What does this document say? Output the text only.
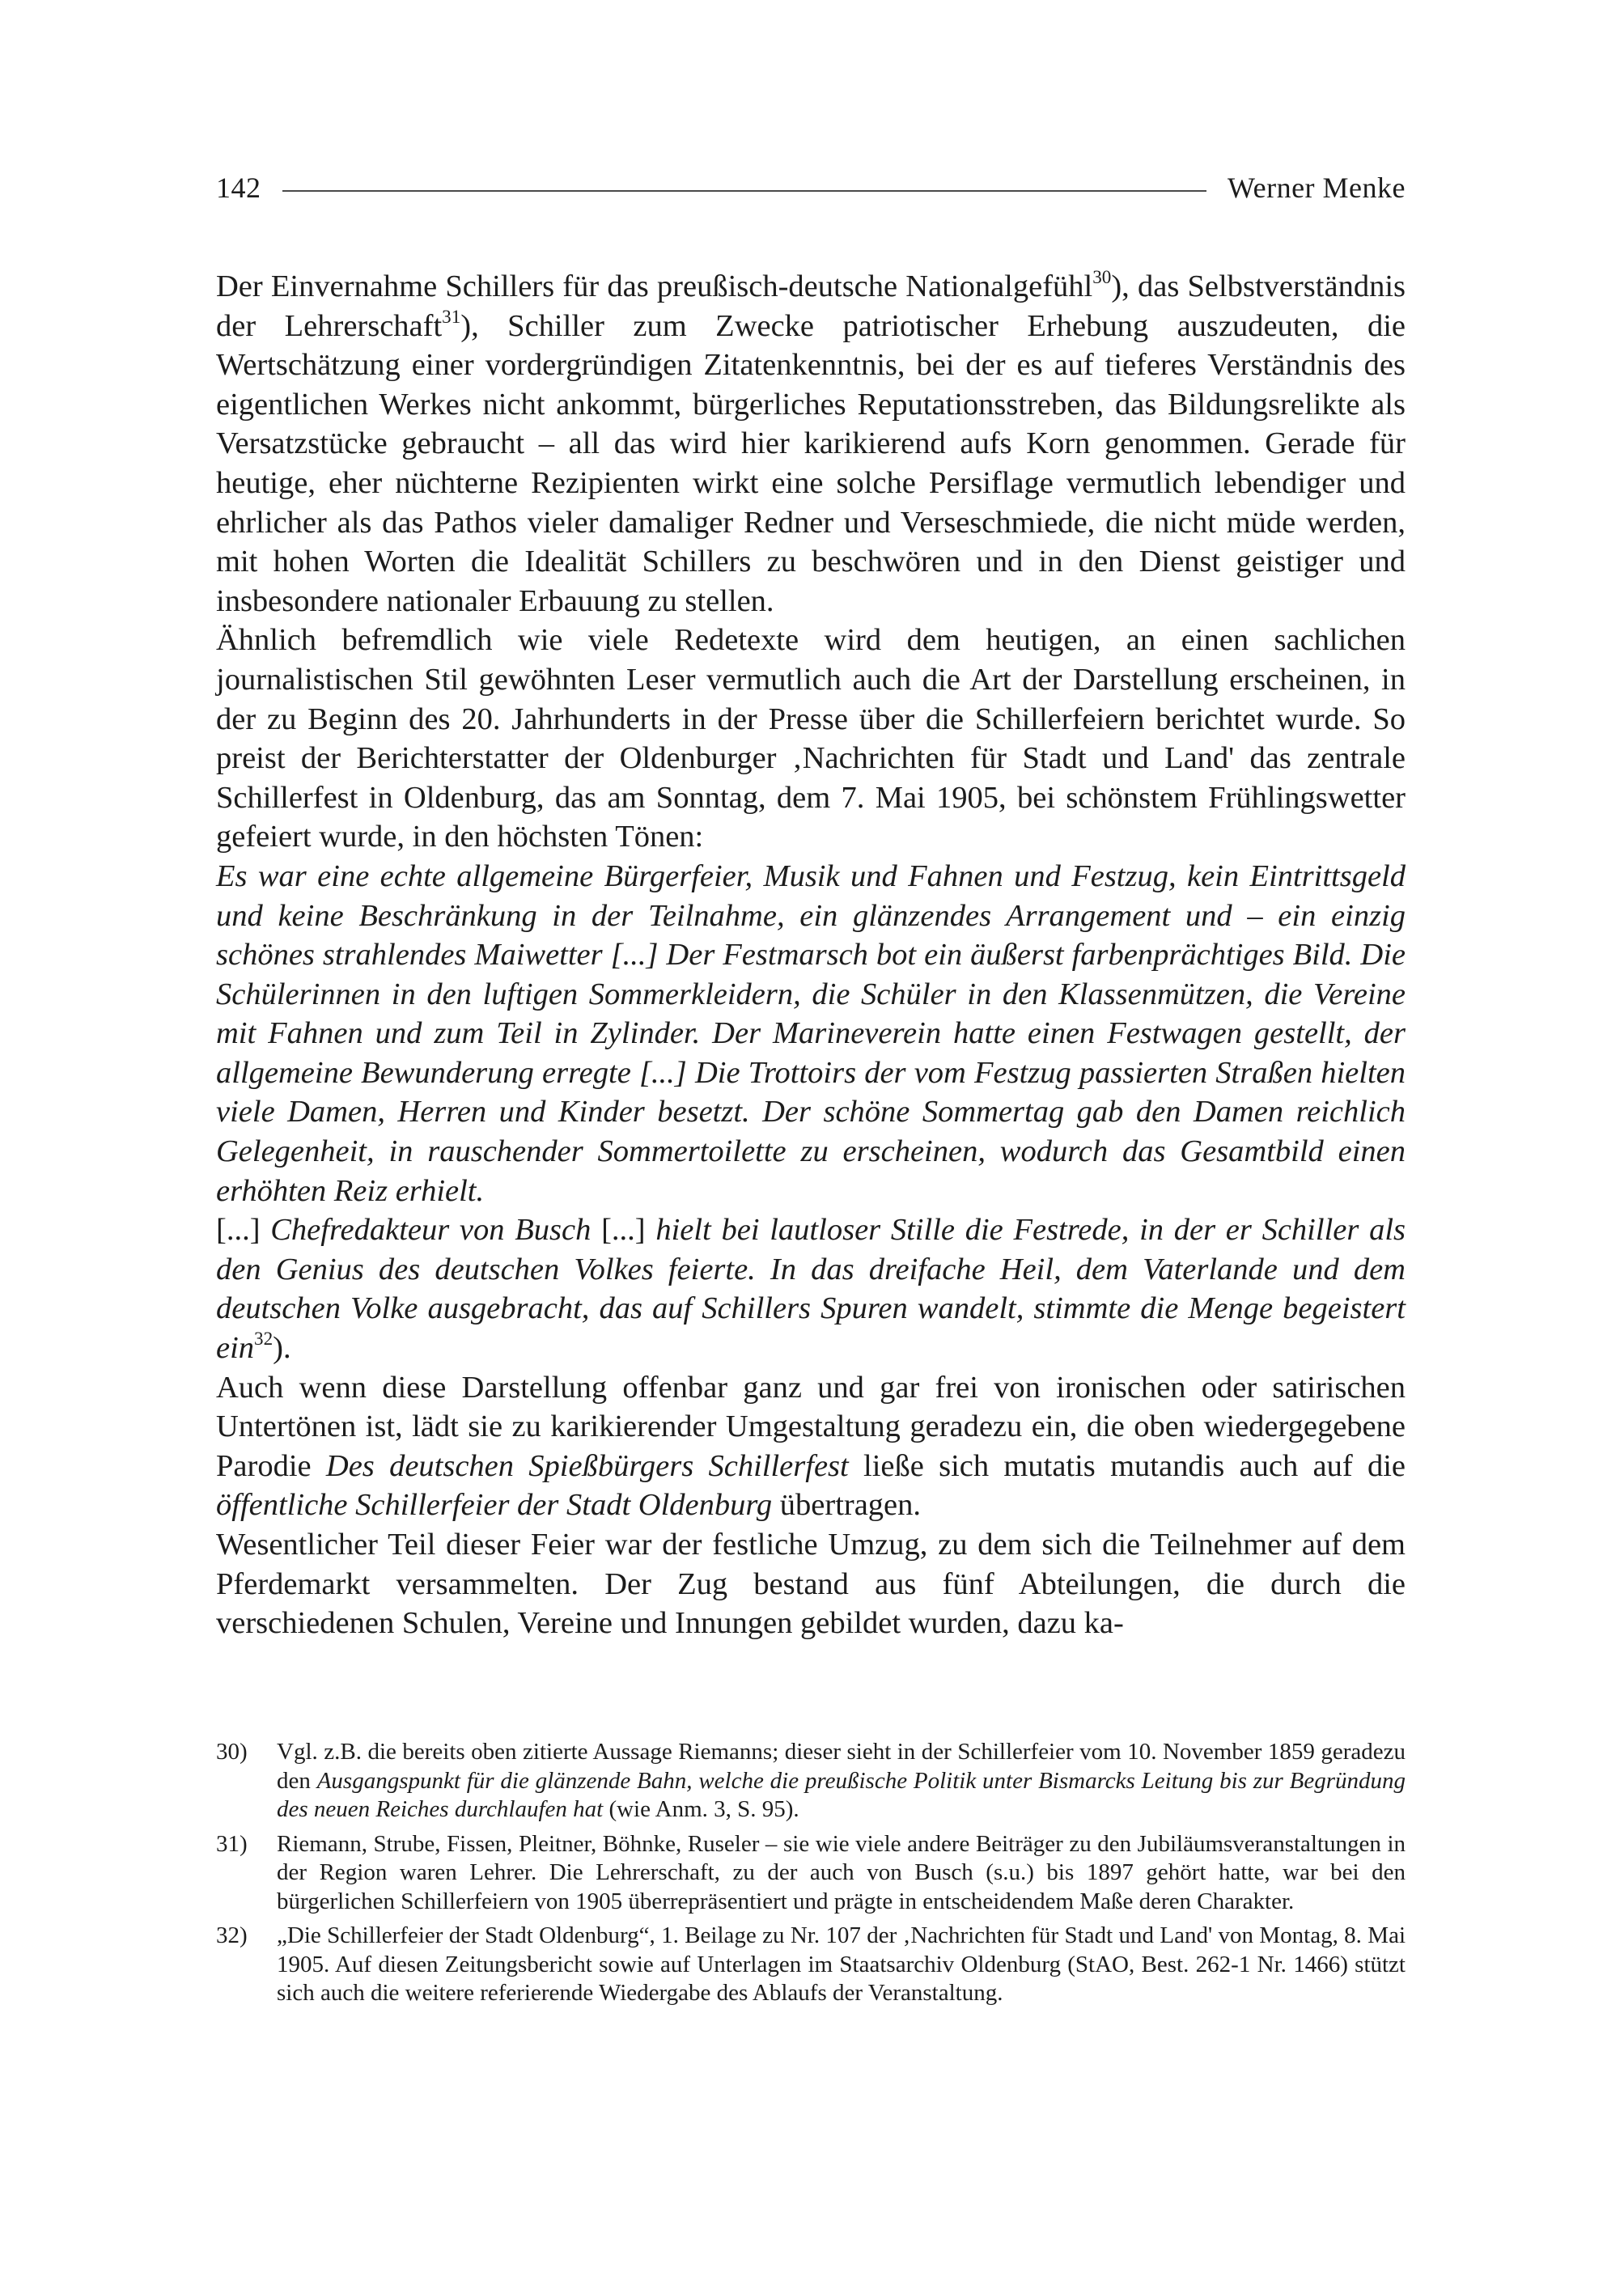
142	Werner Menke

Der Einvernahme Schillers für das preußisch-deutsche Nationalgefühl$^{30}$), das Selbstverständnis der Lehrerschaft$^{31}$), Schiller zum Zwecke patriotischer Erhebung auszudeuten, die Wertschätzung einer vordergründigen Zitatenkenntnis, bei der es auf tieferes Verständnis des eigentlichen Werkes nicht ankommt, bürgerliches Reputationsstreben, das Bildungsrelikte als Versatzstücke gebraucht – all das wird hier karikierend aufs Korn genommen. Gerade für heutige, eher nüchterne Rezipienten wirkt eine solche Persiflage vermutlich lebendiger und ehrlicher als das Pathos vieler damaliger Redner und Verseschmiede, die nicht müde werden, mit hohen Worten die Idealität Schillers zu beschwören und in den Dienst geistiger und insbesondere nationaler Erbauung zu stellen.

Ähnlich befremdlich wie viele Redetexte wird dem heutigen, an einen sachlichen journalistischen Stil gewöhnten Leser vermutlich auch die Art der Darstellung erscheinen, in der zu Beginn des 20. Jahrhunderts in der Presse über die Schillerfeiern berichtet wurde. So preist der Berichterstatter der Oldenburger ‚Nachrichten für Stadt und Land' das zentrale Schillerfest in Oldenburg, das am Sonntag, dem 7. Mai 1905, bei schönstem Frühlingswetter gefeiert wurde, in den höchsten Tönen:

Es war eine echte allgemeine Bürgerfeier, Musik und Fahnen und Festzug, kein Eintrittsgeld und keine Beschränkung in der Teilnahme, ein glänzendes Arrangement und – ein einzig schönes strahlendes Maiwetter [...] Der Festmarsch bot ein äußerst farbenprächtiges Bild. Die Schülerinnen in den luftigen Sommerkleidern, die Schüler in den Klassenmützen, die Vereine mit Fahnen und zum Teil in Zylinder. Der Marineverein hatte einen Festwagen gestellt, der allgemeine Bewunderung erregte [...] Die Trottoirs der vom Festzug passierten Straßen hielten viele Damen, Herren und Kinder besetzt. Der schöne Sommertag gab den Damen reichlich Gelegenheit, in rauschender Sommertoilette zu erscheinen, wodurch das Gesamtbild einen erhöhten Reiz erhielt.

[...] Chefredakteur von Busch [...] hielt bei lautloser Stille die Festrede, in der er Schiller als den Genius des deutschen Volkes feierte. In das dreifache Heil, dem Vaterlande und dem deutschen Volke ausgebracht, das auf Schillers Spuren wandelt, stimmte die Menge begeistert ein$^{32}$).

Auch wenn diese Darstellung offenbar ganz und gar frei von ironischen oder satirischen Untertönen ist, lädt sie zu karikierender Umgestaltung geradezu ein, die oben wiedergegebene Parodie Des deutschen Spießbürgers Schillerfest ließe sich mutatis mutandis auch auf die öffentliche Schillerfeier der Stadt Oldenburg übertragen.

Wesentlicher Teil dieser Feier war der festliche Umzug, zu dem sich die Teilnehmer auf dem Pferdemarkt versammelten. Der Zug bestand aus fünf Abteilungen, die durch die verschiedenen Schulen, Vereine und Innungen gebildet wurden, dazu ka-

30)	Vgl. z.B. die bereits oben zitierte Aussage Riemanns; dieser sieht in der Schillerfeier vom 10. November 1859 geradezu den Ausgangspunkt für die glänzende Bahn, welche die preußische Politik unter Bismarcks Leitung bis zur Begründung des neuen Reiches durchlaufen hat (wie Anm. 3, S. 95).
31)	Riemann, Strube, Fissen, Pleitner, Böhnke, Ruseler – sie wie viele andere Beiträger zu den Jubiläumsveranstaltungen in der Region waren Lehrer. Die Lehrerschaft, zu der auch von Busch (s.u.) bis 1897 gehört hatte, war bei den bürgerlichen Schillerfeiern von 1905 überrepräsentiert und prägte in entscheidendem Maße deren Charakter.
32)	„Die Schillerfeier der Stadt Oldenburg“, 1. Beilage zu Nr. 107 der ‚Nachrichten für Stadt und Land' von Montag, 8. Mai 1905. Auf diesen Zeitungsbericht sowie auf Unterlagen im Staatsarchiv Oldenburg (StAO, Best. 262-1 Nr. 1466) stützt sich auch die weitere referierende Wiedergabe des Ablaufs der Veranstaltung.
